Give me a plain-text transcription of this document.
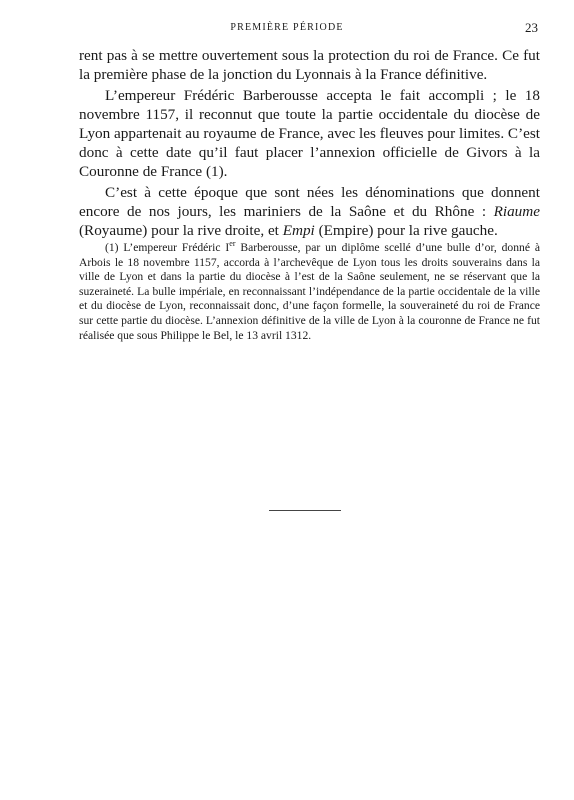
PREMIÈRE PÉRIODE	23

rent pas à se mettre ouvertement sous la protection du roi de France. Ce fut la première phase de la jonction du Lyonnais à la France définitive.

L’empereur Frédéric Barberousse accepta le fait accompli ; le 18 novembre 1157, il reconnut que toute la partie occidentale du diocèse de Lyon appartenait au royaume de France, avec les fleuves pour limites. C’est donc à cette date qu’il faut placer l’annexion officielle de Givors à la Couronne de France (1).

C’est à cette époque que sont nées les dénominations que donnent encore de nos jours, les mariniers de la Saône et du Rhône : Riaume (Royaume) pour la rive droite, et Empi (Empire) pour la rive gauche.

(1) L’empereur Frédéric Ier Barberousse, par un diplôme scellé d’une bulle d’or, donné à Arbois le 18 novembre 1157, accorda à l’archevêque de Lyon tous les droits souverains dans la ville de Lyon et dans la partie du diocèse à l’est de la Saône seulement, ne se réservant que la suzeraineté. La bulle impériale, en reconnaissant l’indépendance de la partie occidentale de la ville et du diocèse de Lyon, reconnaissait donc, d’une façon formelle, la souveraineté du roi de France sur cette partie du diocèse. L’annexion définitive de la ville de Lyon à la couronne de France ne fut réalisée que sous Philippe le Bel, le 13 avril 1312.
